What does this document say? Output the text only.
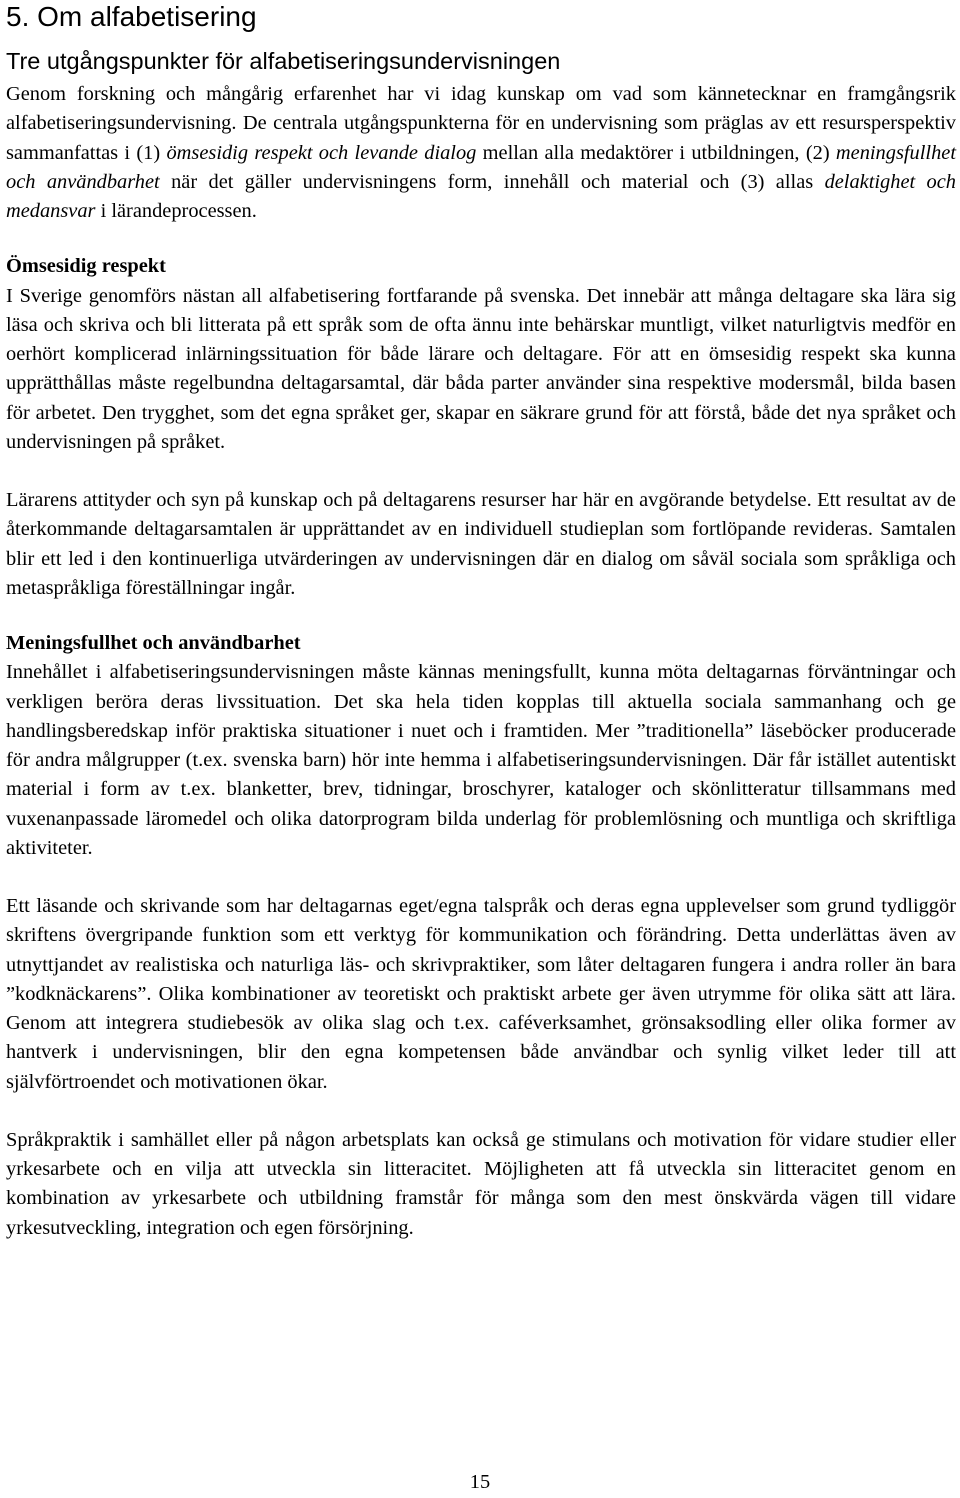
5. Om alfabetisering
Tre utgångspunkter för alfabetiseringsundervisningen

Genom forskning och mångårig erfarenhet har vi idag kunskap om vad som kännetecknar en framgångsrik alfabetiseringsundervisning. De centrala utgångspunkterna för en undervisning som präglas av ett resursperspektiv sammanfattas i (1) ömsesidig respekt och levande dialog mellan alla medaktörer i utbildningen, (2) meningsfullhet och användbarhet när det gäller undervisningens form, innehåll och material och (3) allas delaktighet och medansvar i lärandeprocessen.

Ömsesidig respekt

I Sverige genomförs nästan all alfabetisering fortfarande på svenska. Det innebär att många deltagare ska lära sig läsa och skriva och bli litterata på ett språk som de ofta ännu inte behärskar muntligt, vilket naturligtvis medför en oerhört komplicerad inlärningssituation för både lärare och deltagare. För att en ömsesidig respekt ska kunna upprätthållas måste regelbundna deltagarsamtal, där båda parter använder sina respektive modersmål, bilda basen för arbetet. Den trygghet, som det egna språket ger, skapar en säkrare grund för att förstå, både det nya språket och undervisningen på språket.

Lärarens attityder och syn på kunskap och på deltagarens resurser har här en avgörande betydelse. Ett resultat av de återkommande deltagarsamtalen är upprättandet av en individuell studieplan som fortlöpande revideras. Samtalen blir ett led i den kontinuerliga utvärderingen av undervisningen där en dialog om såväl sociala som språkliga och metaspråkliga föreställningar ingår.

Meningsfullhet och användbarhet

Innehållet i alfabetiseringsundervisningen måste kännas meningsfullt, kunna möta deltagarnas förväntningar och verkligen beröra deras livssituation. Det ska hela tiden kopplas till aktuella sociala sammanhang och ge handlingsberedskap inför praktiska situationer i nuet och i framtiden. Mer ”traditionella” läseböcker producerade för andra målgrupper (t.ex. svenska barn) hör inte hemma i alfabetiseringsundervisningen. Där får istället autentiskt material i form av t.ex. blanketter, brev, tidningar, broschyrer, kataloger och skönlitteratur tillsammans med vuxenanpassade läromedel och olika datorprogram bilda underlag för problemlösning och muntliga och skriftliga aktiviteter.

Ett läsande och skrivande som har deltagarnas eget/egna talspråk och deras egna upplevelser som grund tydliggör skriftens övergripande funktion som ett verktyg för kommunikation och förändring. Detta underlättas även av utnyttjandet av realistiska och naturliga läs- och skrivpraktiker, som låter deltagaren fungera i andra roller än bara ”kodknäckarens”. Olika kombinationer av teoretiskt och praktiskt arbete ger även utrymme för olika sätt att lära. Genom att integrera studiebesök av olika slag och t.ex. caféverksamhet, grönsaksodling eller olika former av hantverk i undervisningen, blir den egna kompetensen både användbar och synlig vilket leder till att självförtroendet och motivationen ökar.

Språkpraktik i samhället eller på någon arbetsplats kan också ge stimulans och motivation för vidare studier eller yrkesarbete och en vilja att utveckla sin litteracitet. Möjligheten att få utveckla sin litteracitet genom en kombination av yrkesarbete och utbildning framstår för många som den mest önskvärda vägen till vidare yrkesutveckling, integration och egen försörjning.

15
